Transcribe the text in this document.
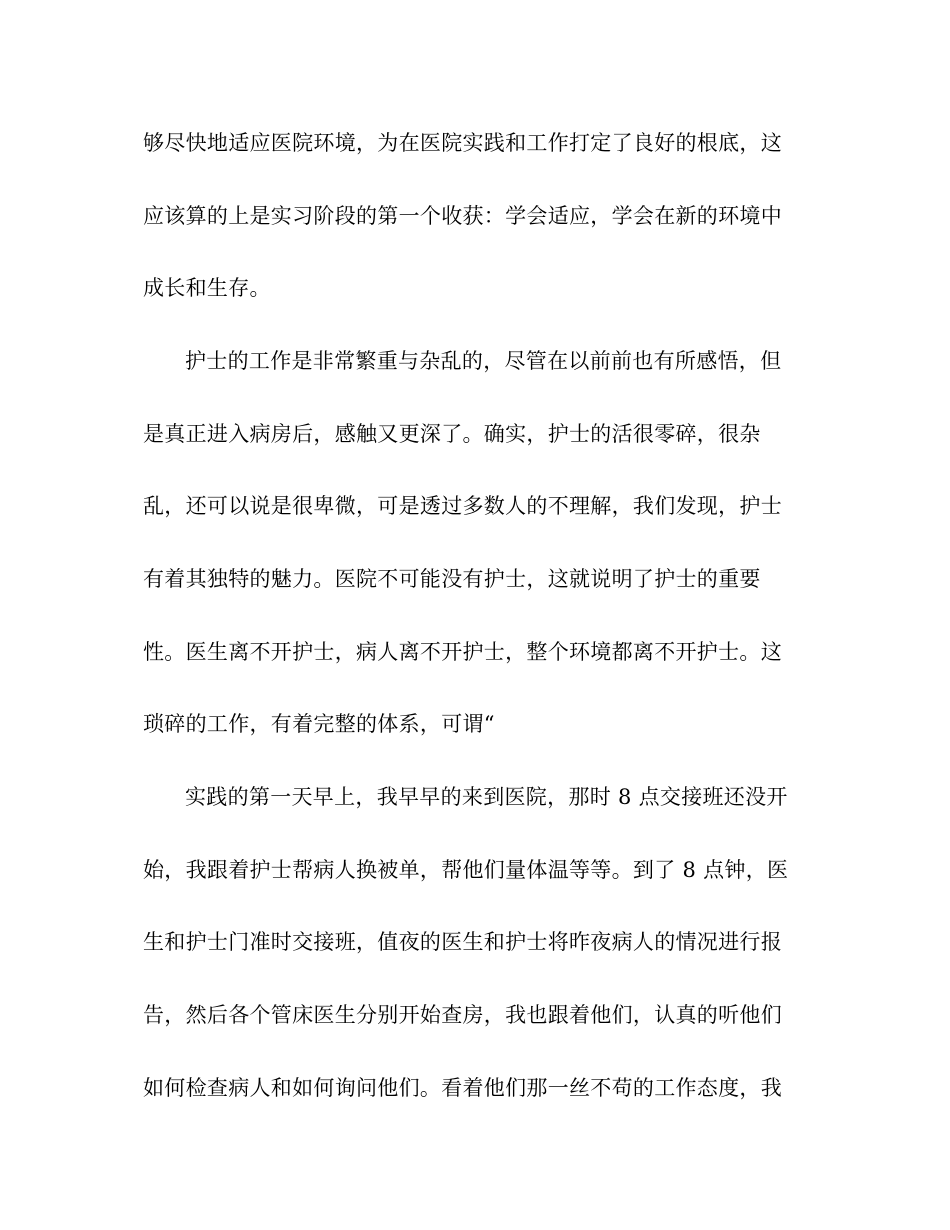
够尽快地适应医院环境，为在医院实践和工作打定了良好的根底，这
应该算的上是实习阶段的第一个收获：学会适应，学会在新的环境中
成长和生存。
护士的工作是非常繁重与杂乱的，尽管在以前前也有所感悟，但
是真正进入病房后，感触又更深了。确实，护士的活很零碎，很杂
乱，还可以说是很卑微，可是透过多数人的不理解，我们发现，护士
有着其独特的魅力。医院不可能没有护士，这就说明了护士的重要
性。医生离不开护士，病人离不开护士，整个环境都离不开护士。这
琐碎的工作，有着完整的体系，可谓“
实践的第一天早上，我早早的来到医院，那时 8 点交接班还没开
始，我跟着护士帮病人换被单，帮他们量体温等等。到了 8 点钟，医
生和护士门准时交接班，值夜的医生和护士将昨夜病人的情况进行报
告，然后各个管床医生分别开始查房，我也跟着他们，认真的听他们
如何检查病人和如何询问他们。看着他们那一丝不苟的工作态度，我
